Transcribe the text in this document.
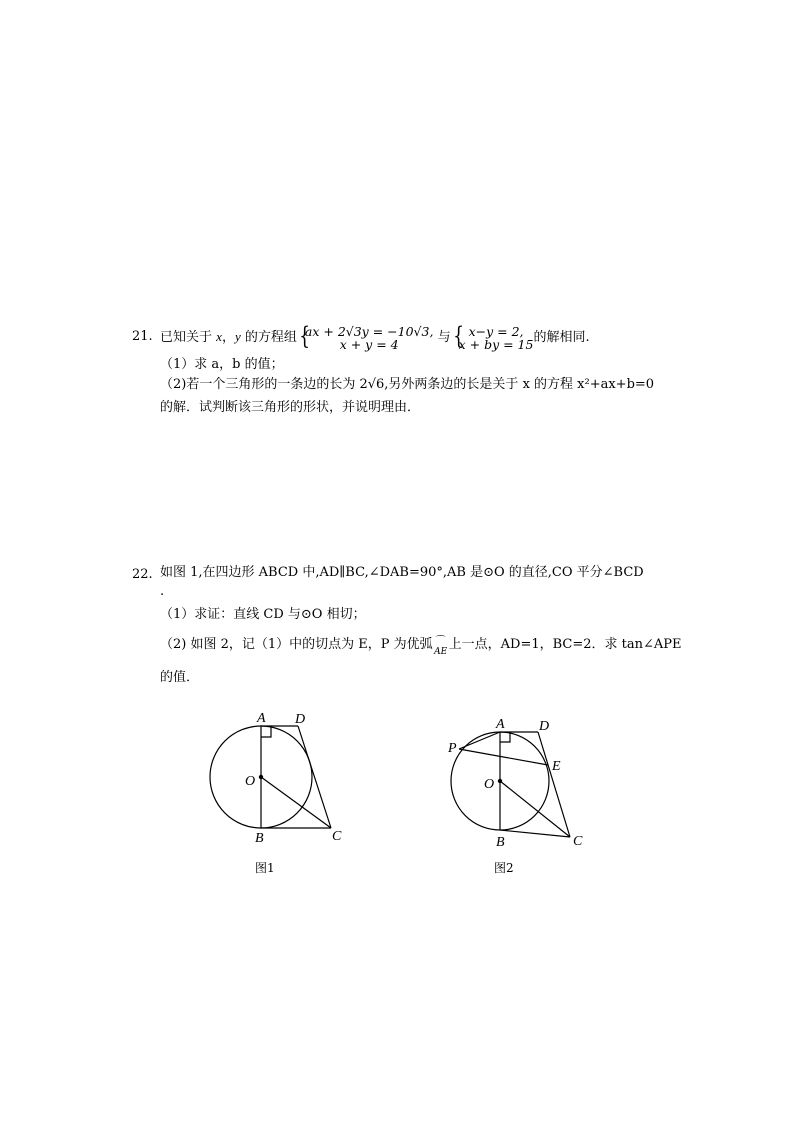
21. 已知关于 x，y 的方程组 {
ax + 2√3y = −10√3,
x + y = 4	与 { x−y = 2,
x + by = 15 的解相同.
（1）求 a，b 的值；
（2)若一个三角形的一条边的长为 2√6,另外两条边的长是关于 x 的方程 x²+ax+b=0
的解．试判断该三角形的形状，并说明理由．
22. 如图 1,在四边形 ABCD 中,AD∥BC,∠DAB=90°,AB 是⊙O 的直径,CO 平分∠BCD
.
（1）求证：直线 CD 与⊙O 相切；
（2) 如图 2，记（1）中的切点为 E，P 为优弧 ⌒
AE上一点，AD=1，BC=2．求 tan∠APE
的值．
A D
O
B	C
A D
P
E
O
B	C
图1	图2
